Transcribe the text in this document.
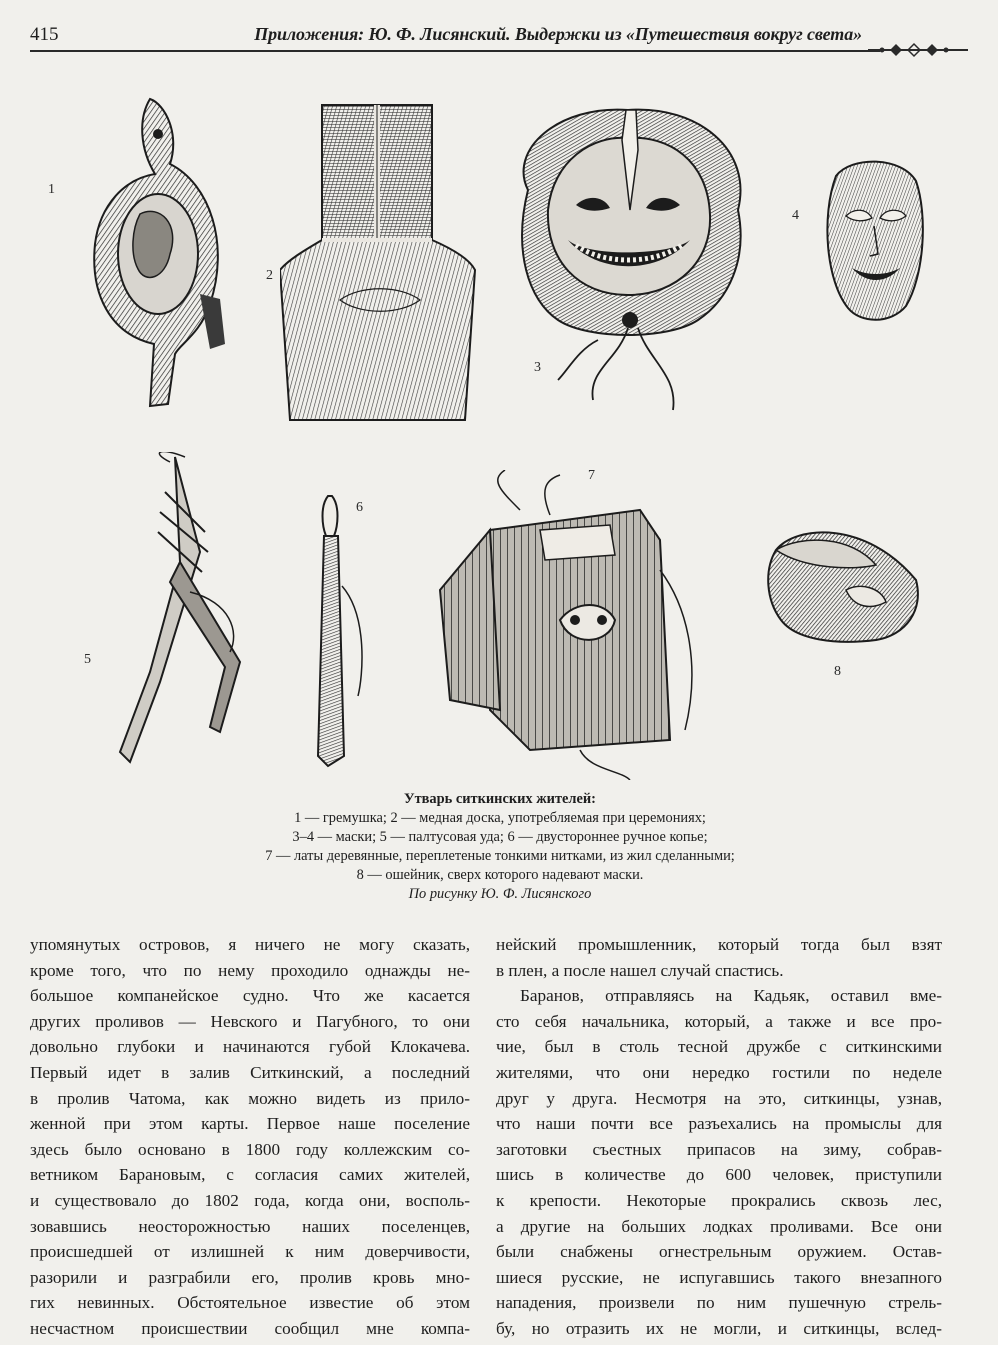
415	Приложения: Ю. Ф. Лисянский. Выдержки из «Путешествия вокруг света»
1
2
3
4
5
6
7
8
Утварь ситкинских жителей:
1 — гремушка; 2 — медная доска, употребляемая при церемониях;
3–4 — маски; 5 — палтусовая уда; 6 — двустороннее ручное копье;
7 — латы деревянные, переплетеные тонкими нитками, из жил сделанными;
8 — ошейник, сверх которого надевают маски.
По рисунку Ю. Ф. Лисянского
упомянутых островов, я ничего не могу сказать,
кроме того, что по нему проходило однажды не-
большое компанейское судно. Что же касается
других проливов — Невского и Пагубного, то они
довольно глубоки и начинаются губой Клокачева.
Первый идет в залив Ситкинский, а последний
в пролив Чатома, как можно видеть из прило-
женной при этом карты. Первое наше поселение
здесь было основано в 1800 году коллежским со-
ветником Барановым, с согласия самих жителей,
и существовало до 1802 года, когда они, восполь-
зовавшись неосторожностью наших поселенцев,
происшедшей от излишней к ним доверчивости,
разорили и разграбили его, пролив кровь мно-
гих невинных. Обстоятельное известие об этом
несчастном происшествии сообщил мне компа-
нейский промышленник, который тогда был взят
в плен, а после нашел случай спастись.
Баранов, отправляясь на Кадьяк, оставил вме-
сто себя начальника, который, а также и все про-
чие, был в столь тесной дружбе с ситкинскими
жителями, что они нередко гостили по неделе
друг у друга. Несмотря на это, ситкинцы, узнав,
что наши почти все разъехались на промыслы для
заготовки съестных припасов на зиму, собрав-
шись в количестве до 600 человек, приступили
к крепости. Некоторые прокрались сквозь лес,
а другие на больших лодках проливами. Все они
были снабжены огнестрельным оружием. Остав-
шиеся русские, не испугавшись такого внезапного
нападения, произвели по ним пушечную стрель-
бу, но отразить их не могли, и ситкинцы, вслед-
